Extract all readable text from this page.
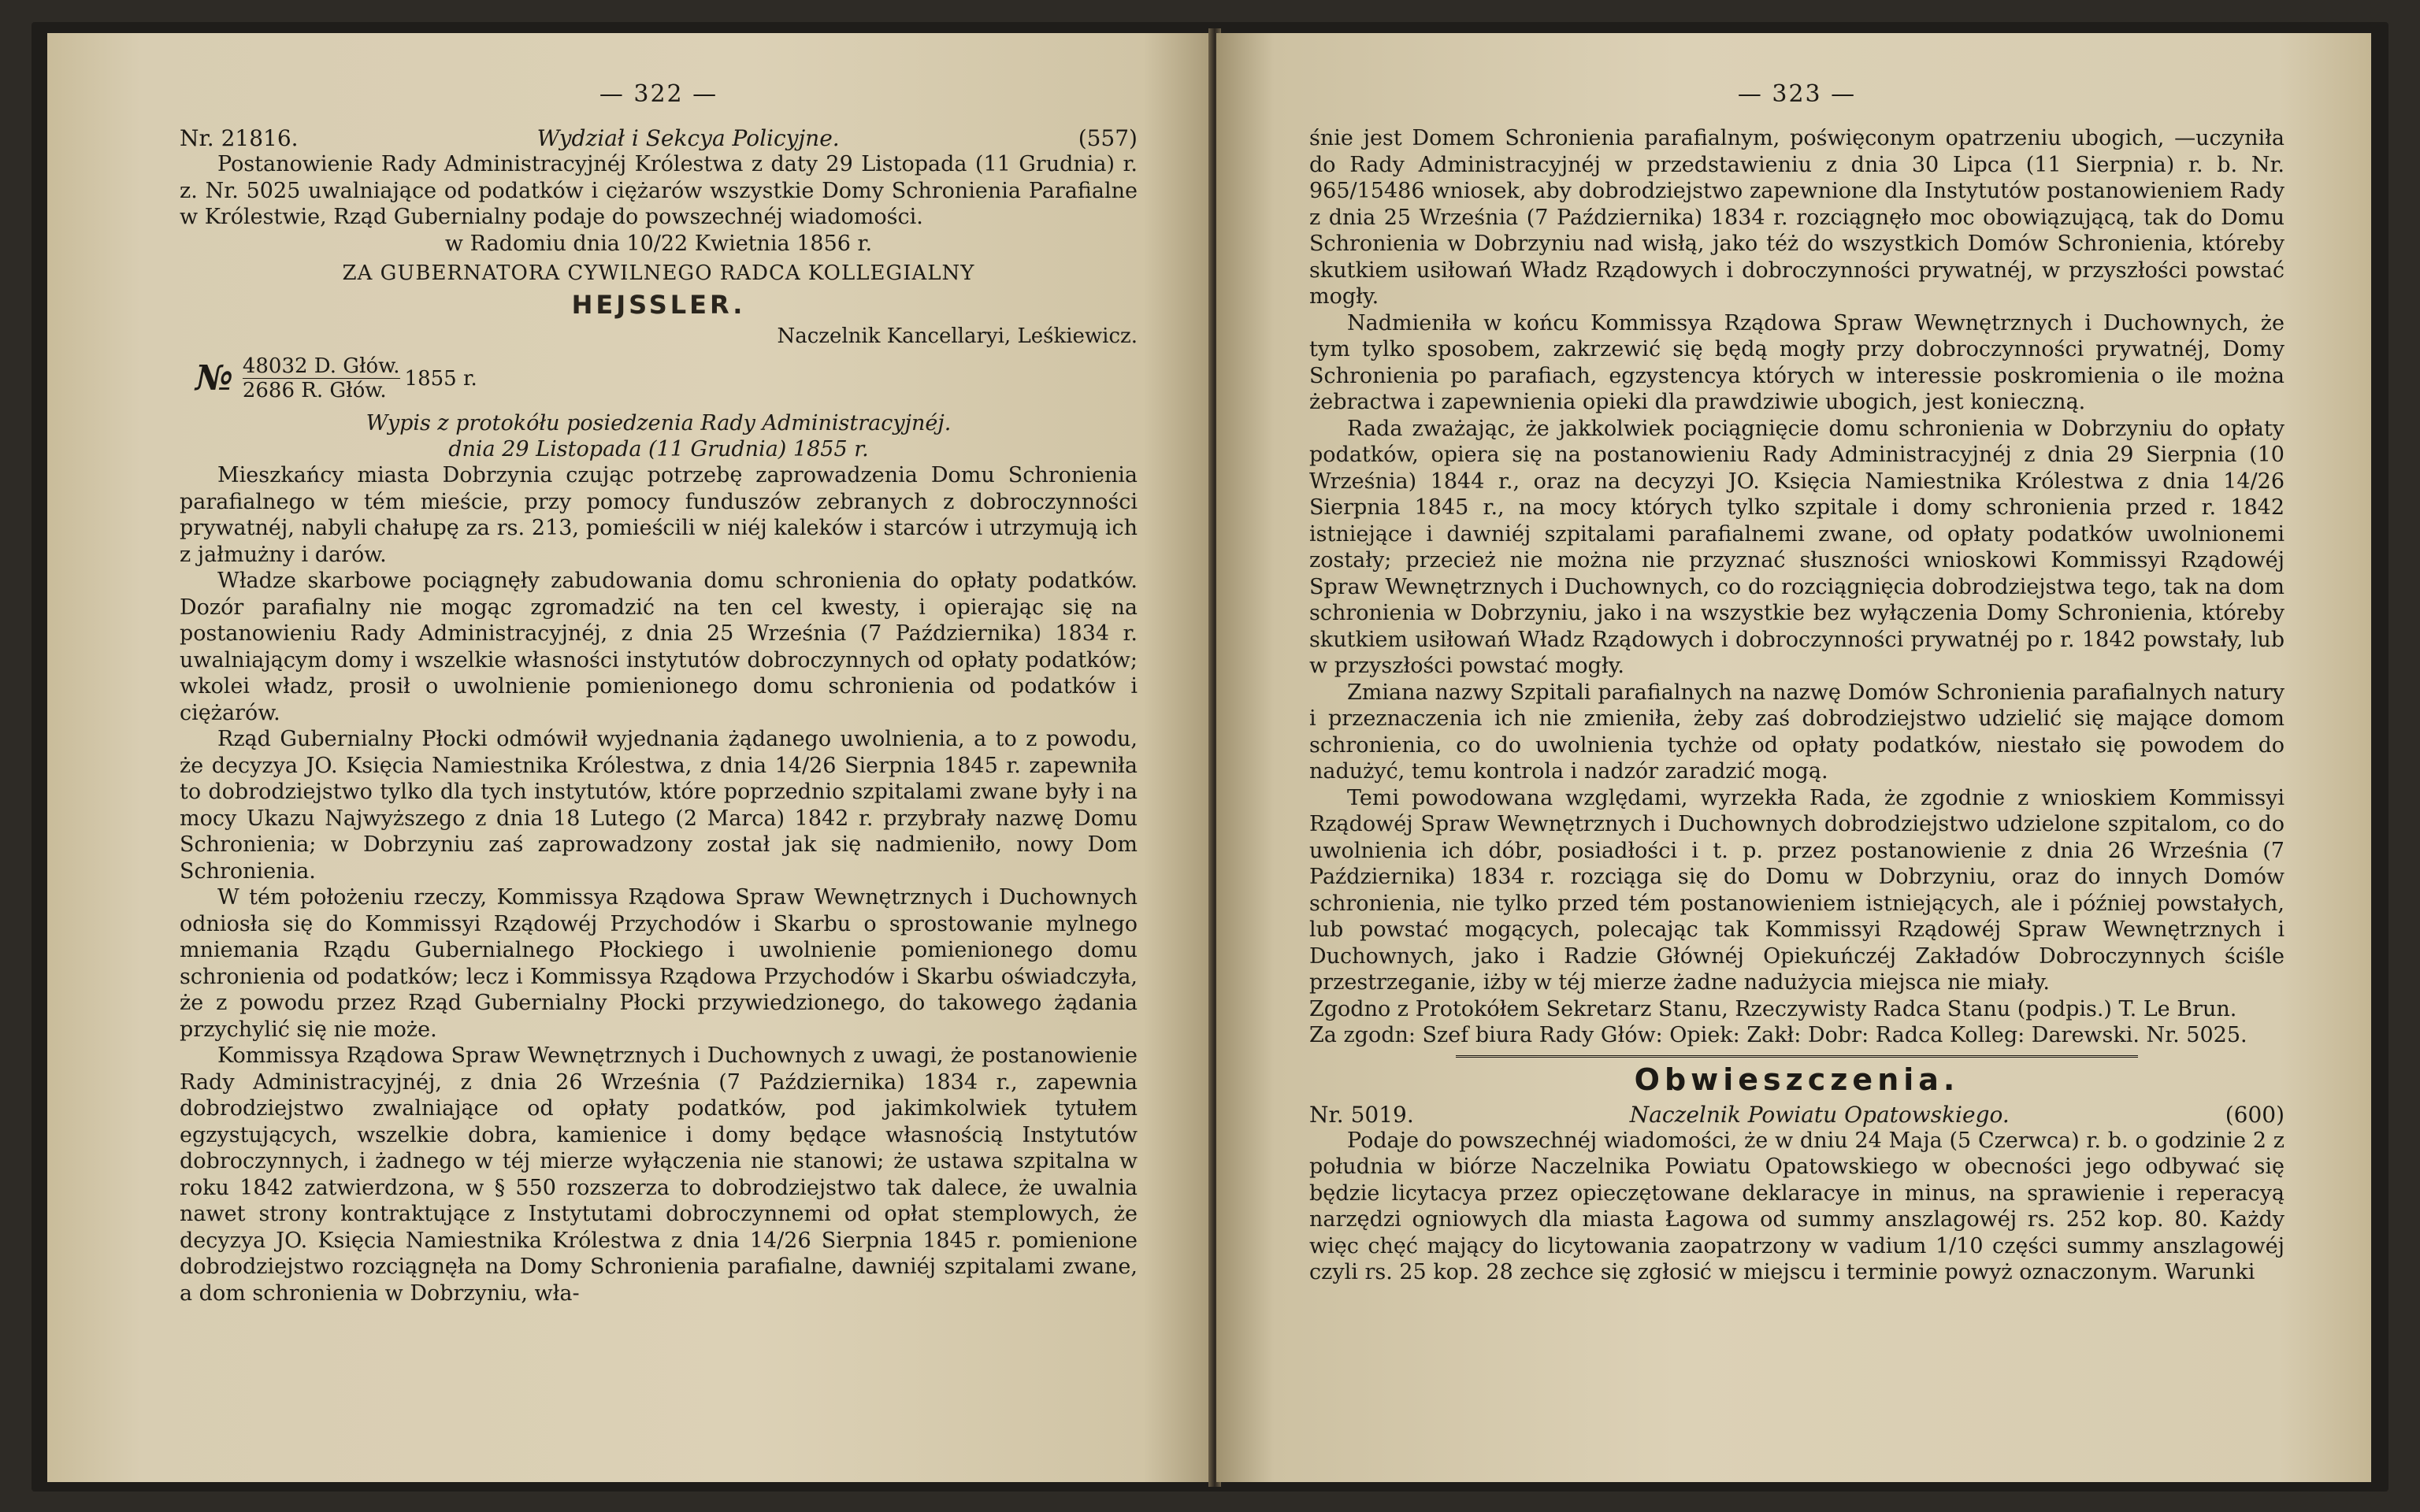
— 322 —
Nr. 21816.	Wydział i Sekcya Policyjne.	(557)

Postanowienie Rady Administracyjnéj Królestwa z daty 29 Listopada (11 Grudnia) r. z. Nr. 5025 uwalniające od podatków i ciężarów wszystkie Domy Schronienia Parafialne w Królestwie, Rząd Gubernialny podaje do powszechnéj wiadomości.

w Radomiu dnia 10/22 Kwietnia 1856 r.

ZA GUBERNATORA CYWILNEGO RADCA KOLLEGIALNY
HEJSSLER.
Naczelnik Kancellaryi, Leśkiewicz.
№ 48032 D. Głów.
2686 R. Głów.
1855 r.
Wypis z protokółu posiedzenia Rady Administracyjnéj.
dnia 29 Listopada (11 Grudnia) 1855 r.

Mieszkańcy miasta Dobrzynia czując potrzebę zaprowadzenia Domu Schronienia parafialnego w tém mieście, przy pomocy funduszów zebranych z dobroczynności prywatnéj, nabyli chałupę za rs. 213, pomieścili w niéj kaleków i starców i utrzymują ich z jałmużny i darów.

Władze skarbowe pociągnęły zabudowania domu schronienia do opłaty podatków. Dozór parafialny nie mogąc zgromadzić na ten cel kwesty, i opierając się na postanowieniu Rady Administracyjnéj, z dnia 25 Września (7 Października) 1834 r. uwalniającym domy i wszelkie własności instytutów dobroczynnych od opłaty podatków; wkolei władz, prosił o uwolnienie pomienionego domu schronienia od podatków i ciężarów.

Rząd Gubernialny Płocki odmówił wyjednania żądanego uwolnienia, a to z powodu, że decyzya JO. Księcia Namiestnika Królestwa, z dnia 14/26 Sierpnia 1845 r. zapewniła to dobrodziejstwo tylko dla tych instytutów, które poprzednio szpitalami zwane były i na mocy Ukazu Najwyższego z dnia 18 Lutego (2 Marca) 1842 r. przybrały nazwę Domu Schronienia; w Dobrzyniu zaś zaprowadzony został jak się nadmieniło, nowy Dom Schronienia.

W tém położeniu rzeczy, Kommissya Rządowa Spraw Wewnętrznych i Duchownych odniosła się do Kommissyi Rządowéj Przychodów i Skarbu o sprostowanie mylnego mniemania Rządu Gubernialnego Płockiego i uwolnienie pomienionego domu schronienia od podatków; lecz i Kommissya Rządowa Przychodów i Skarbu oświadczyła, że z powodu przez Rząd Gubernialny Płocki przywiedzionego, do takowego żądania przychylić się nie może.

Kommissya Rządowa Spraw Wewnętrznych i Duchownych z uwagi, że postanowienie Rady Administracyjnéj, z dnia 26 Września (7 Października) 1834 r., zapewnia dobrodziejstwo zwalniające od opłaty podatków, pod jakimkolwiek tytułem egzystujących, wszelkie dobra, kamienice i domy będące własnością Instytutów dobroczynnych, i żadnego w téj mierze wyłączenia nie stanowi; że ustawa szpitalna w roku 1842 zatwierdzona, w § 550 rozszerza to dobrodziejstwo tak dalece, że uwalnia nawet strony kontraktujące z Instytutami dobroczynnemi od opłat stemplowych, że decyzya JO. Księcia Namiestnika Królestwa z dnia 14/26 Sierpnia 1845 r. pomienione dobrodziejstwo rozciągnęła na Domy Schronienia parafialne, dawniéj szpitalami zwane, a dom schronienia w Dobrzyniu, wła-

— 323 —

śnie jest Domem Schronienia parafialnym, poświęconym opatrzeniu ubogich, —uczyniła do Rady Administracyjnéj w przedstawieniu z dnia 30 Lipca (11 Sierpnia) r. b. Nr. 965/15486 wniosek, aby dobrodziejstwo zapewnione dla Instytutów postanowieniem Rady z dnia 25 Września (7 Października) 1834 r. rozciągnęło moc obowiązującą, tak do Domu Schronienia w Dobrzyniu nad wisłą, jako téż do wszystkich Domów Schronienia, któreby skutkiem usiłowań Władz Rządowych i dobroczynności prywatnéj, w przyszłości powstać mogły.

Nadmieniła w końcu Kommissya Rządowa Spraw Wewnętrznych i Duchownych, że tym tylko sposobem, zakrzewić się będą mogły przy dobroczynności prywatnéj, Domy Schronienia po parafiach, egzystencya których w interessie poskromienia o ile można żebractwa i zapewnienia opieki dla prawdziwie ubogich, jest konieczną.

Rada zważając, że jakkolwiek pociągnięcie domu schronienia w Dobrzyniu do opłaty podatków, opiera się na postanowieniu Rady Administracyjnéj z dnia 29 Sierpnia (10 Września) 1844 r., oraz na decyzyi JO. Księcia Namiestnika Królestwa z dnia 14/26 Sierpnia 1845 r., na mocy których tylko szpitale i domy schronienia przed r. 1842 istniejące i dawniéj szpitalami parafialnemi zwane, od opłaty podatków uwolnionemi zostały; przecież nie można nie przyznać słuszności wnioskowi Kommissyi Rządowéj Spraw Wewnętrznych i Duchownych, co do rozciągnięcia dobrodziejstwa tego, tak na dom schronienia w Dobrzyniu, jako i na wszystkie bez wyłączenia Domy Schronienia, któreby skutkiem usiłowań Władz Rządowych i dobroczynności prywatnéj po r. 1842 powstały, lub w przyszłości powstać mogły.

Zmiana nazwy Szpitali parafialnych na nazwę Domów Schronienia parafialnych natury i przeznaczenia ich nie zmieniła, żeby zaś dobrodziejstwo udzielić się mające domom schronienia, co do uwolnienia tychże od opłaty podatków, niestało się powodem do nadużyć, temu kontrola i nadzór zaradzić mogą.

Temi powodowana względami, wyrzekła Rada, że zgodnie z wnioskiem Kommissyi Rządowéj Spraw Wewnętrznych i Duchownych dobrodziejstwo udzielone szpitalom, co do uwolnienia ich dóbr, posiadłości i t. p. przez postanowienie z dnia 26 Września (7 Października) 1834 r. rozciąga się do Domu w Dobrzyniu, oraz do innych Domów schronienia, nie tylko przed tém postanowieniem istniejących, ale i później powstałych, lub powstać mogących, polecając tak Kommissyi Rządowéj Spraw Wewnętrznych i Duchownych, jako i Radzie Głównéj Opiekuńczéj Zakładów Dobroczynnych ściśle przestrzeganie, iżby w téj mierze żadne nadużycia miejsca nie miały.

Zgodno z Protokółem Sekretarz Stanu, Rzeczywisty Radca Stanu (podpis.) T. Le Brun.

Za zgodn: Szef biura Rady Głów: Opiek: Zakł: Dobr: Radca Kolleg: Darewski. Nr. 5025.

Obwieszczenia.
Nr. 5019.	Naczelnik Powiatu Opatowskiego.	(600)

Podaje do powszechnéj wiadomości, że w dniu 24 Maja (5 Czerwca) r. b. o godzinie 2 z południa w biórze Naczelnika Powiatu Opatowskiego w obecności jego odbywać się będzie licytacya przez opieczętowane deklaracye in minus, na sprawienie i reperacyą narzędzi ogniowych dla miasta Łagowa od summy anszlagowéj rs. 252 kop. 80. Każdy więc chęć mający do licytowania zaopatrzony w vadium 1/10 części summy anszlagowéj czyli rs. 25 kop. 28 zechce się zgłosić w miejscu i terminie powyż oznaczonym. Warunki
